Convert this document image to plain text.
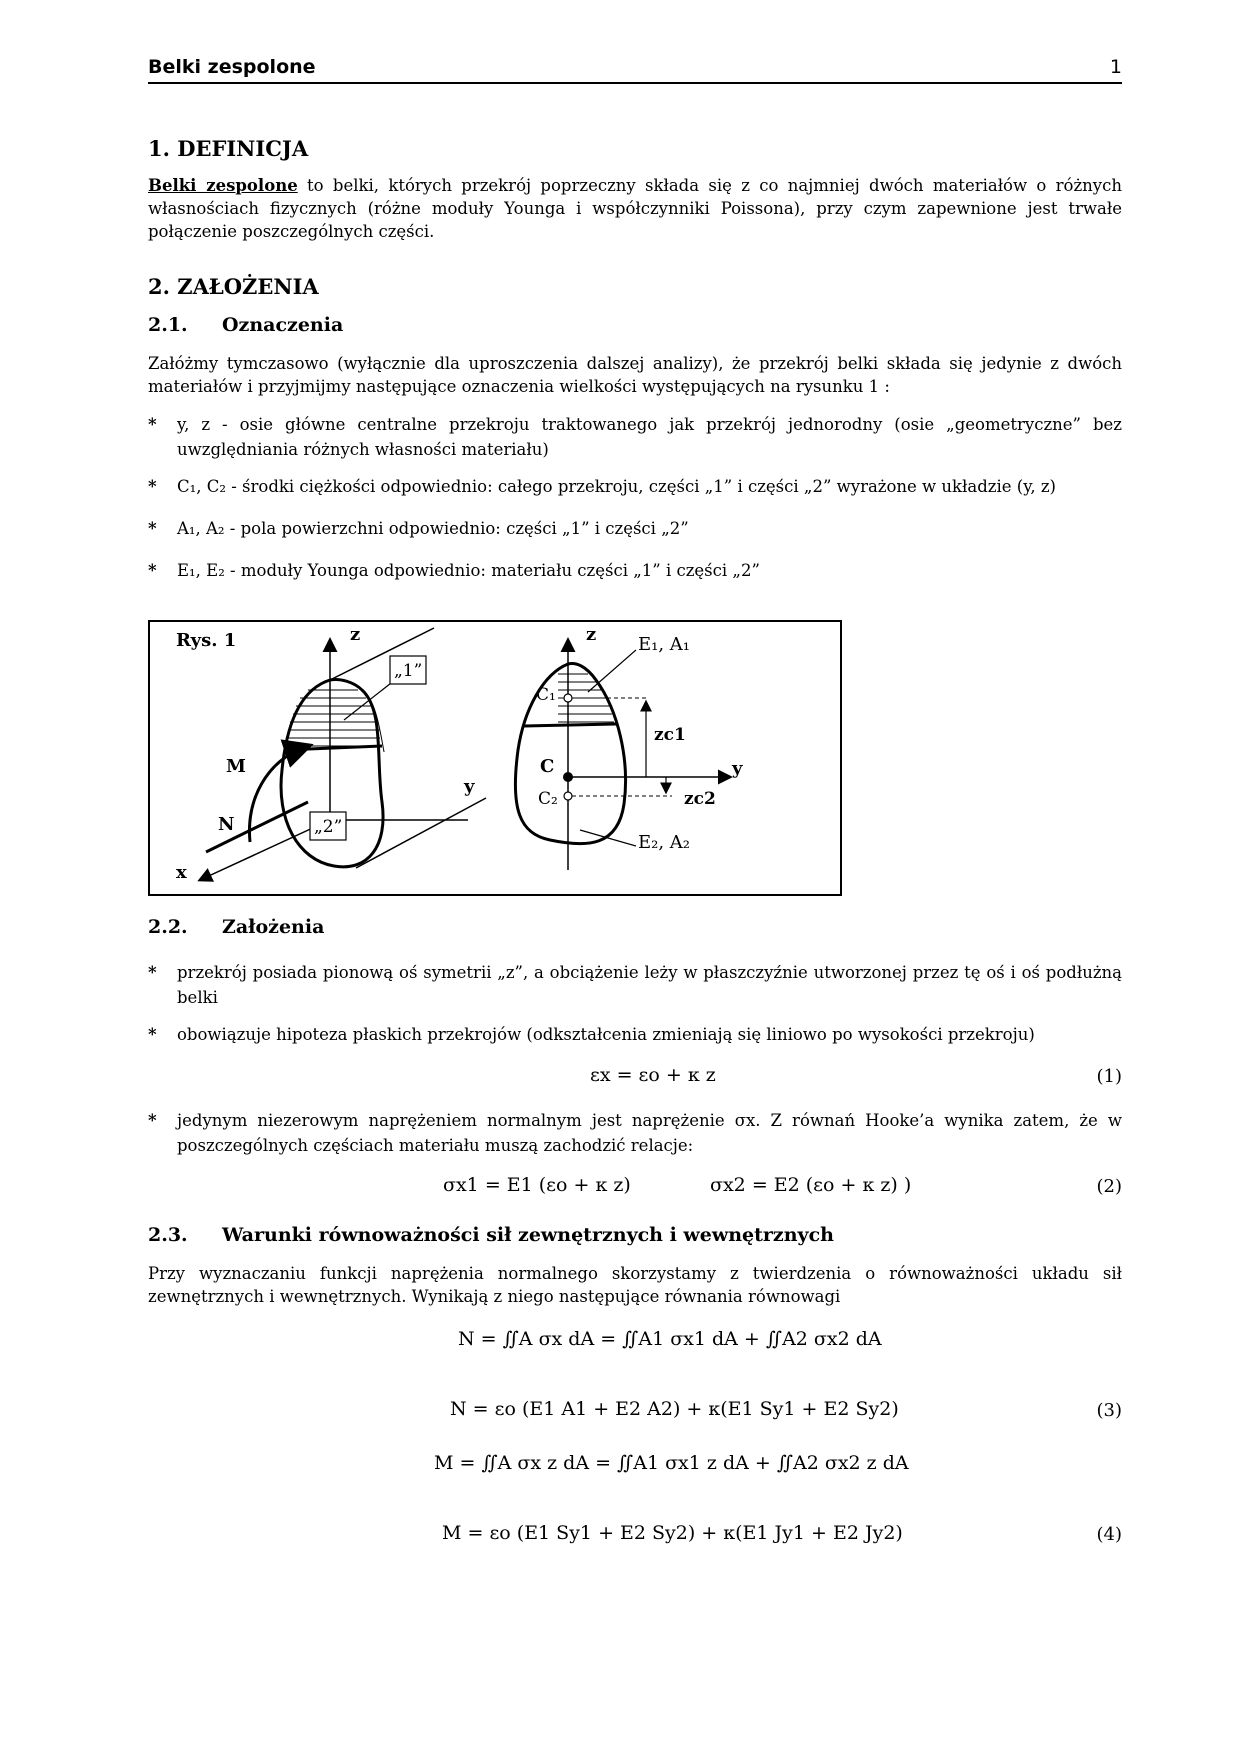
Belki zespolone	1
1. DEFINICJA

Belki zespolone to belki, których przekrój poprzeczny składa się z co najmniej dwóch materiałów o różnych własnościach fizycznych (różne moduły Younga i współczynniki Poissona), przy czym zapewnione jest trwałe połączenie poszczególnych części.

2. ZAŁOŻENIA
2.1. Oznaczenia

Załóżmy tymczasowo (wyłącznie dla uproszczenia dalszej analizy), że przekrój belki składa się jedynie z dwóch materiałów i przyjmijmy następujące oznaczenia wielkości występujących na rysunku 1 :

* y, z - osie główne centralne przekroju traktowanego jak przekrój jednorodny (osie „geometryczne” bez uwzględniania różnych własności materiału)
* C₁, C₂ - środki ciężkości odpowiednio: całego przekroju, części „1” i części „2” wyrażone w układzie (y, z)
* A₁, A₂ - pola powierzchni odpowiednio: części „1” i części „2”
* E₁, E₂ - moduły Younga odpowiednio: materiału części „1” i części „2”
2.2. Założenia
* przekrój posiada pionową oś symetrii „z”, a obciążenie leży w płaszczyźnie utworzonej przez tę oś i oś podłużną belki
* obowiązuje hipoteza płaskich przekrojów (odkształcenia zmieniają się liniowo po wysokości przekroju)
εx = εo + κ z	(1)
* jedynym niezerowym naprężeniem normalnym jest naprężenie σx. Z równań Hooke’a wynika zatem, że w poszczególnych częściach materiału muszą zachodzić relacje:
σx1 = E1 (εo + κ z)	σx2 = E2 (εo + κ z) )	(2)
2.3. Warunki równoważności sił zewnętrznych i wewnętrznych

Przy wyznaczaniu funkcji naprężenia normalnego skorzystamy z twierdzenia o równoważności układu sił zewnętrznych i wewnętrznych. Wynikają z niego następujące równania równowagi

N = ∬A σx dA = ∬A1 σx1 dA + ∬A2 σx2 dA
N = εo (E1 A1 + E2 A2) + κ(E1 Sy1 + E2 Sy2)	(3)
M = ∬A σx z dA = ∬A1 σx1 z dA + ∬A2 σx2 z dA
M = εo (E1 Sy1 + E2 Sy2) + κ(E1 Jy1 + E2 Jy2)	(4)
Rys. 1	z
y
x
„1”
„2”
M
N
z
y
C
C₁
C₂
zc1
zc2
E₁, A₁
E₂, A₂
